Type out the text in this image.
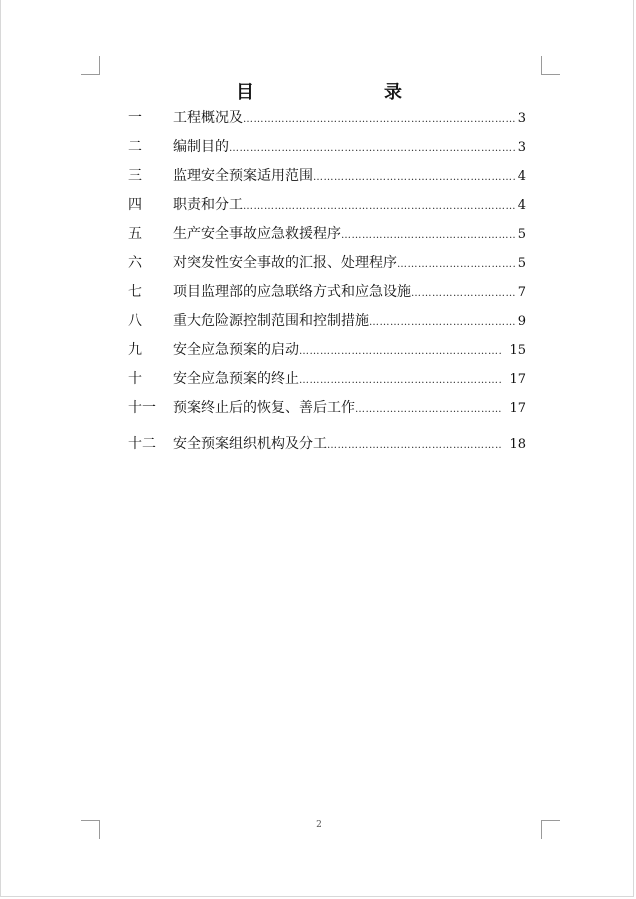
目　录
一	工程概况及 ……………………………………………………………………………………………………………………	3
二	编制目的 ……………………………………………………………………………………………………………………	3
三	监理安全预案适用范围 ……………………………………………………………………………………………………………………	4
四	职责和分工 ……………………………………………………………………………………………………………………	4
五	生产安全事故应急救援程序 ……………………………………………………………………………………………………………………	5
六	对突发性安全事故的汇报、处理程序 ……………………………………………………………………………………………………………………	5
七	项目监理部的应急联络方式和应急设施 ……………………………………………………………………………………………………………………	7
八	重大危险源控制范围和控制措施 ……………………………………………………………………………………………………………………	9
九	安全应急预案的启动 ……………………………………………………………………………………………………………………	15
十	安全应急预案的终止 ……………………………………………………………………………………………………………………	17
十一	预案终止后的恢复、善后工作 ……………………………………………………………………………………………………………………	17
十二	安全预案组织机构及分工 ……………………………………………………………………………………………………………………	18
2
